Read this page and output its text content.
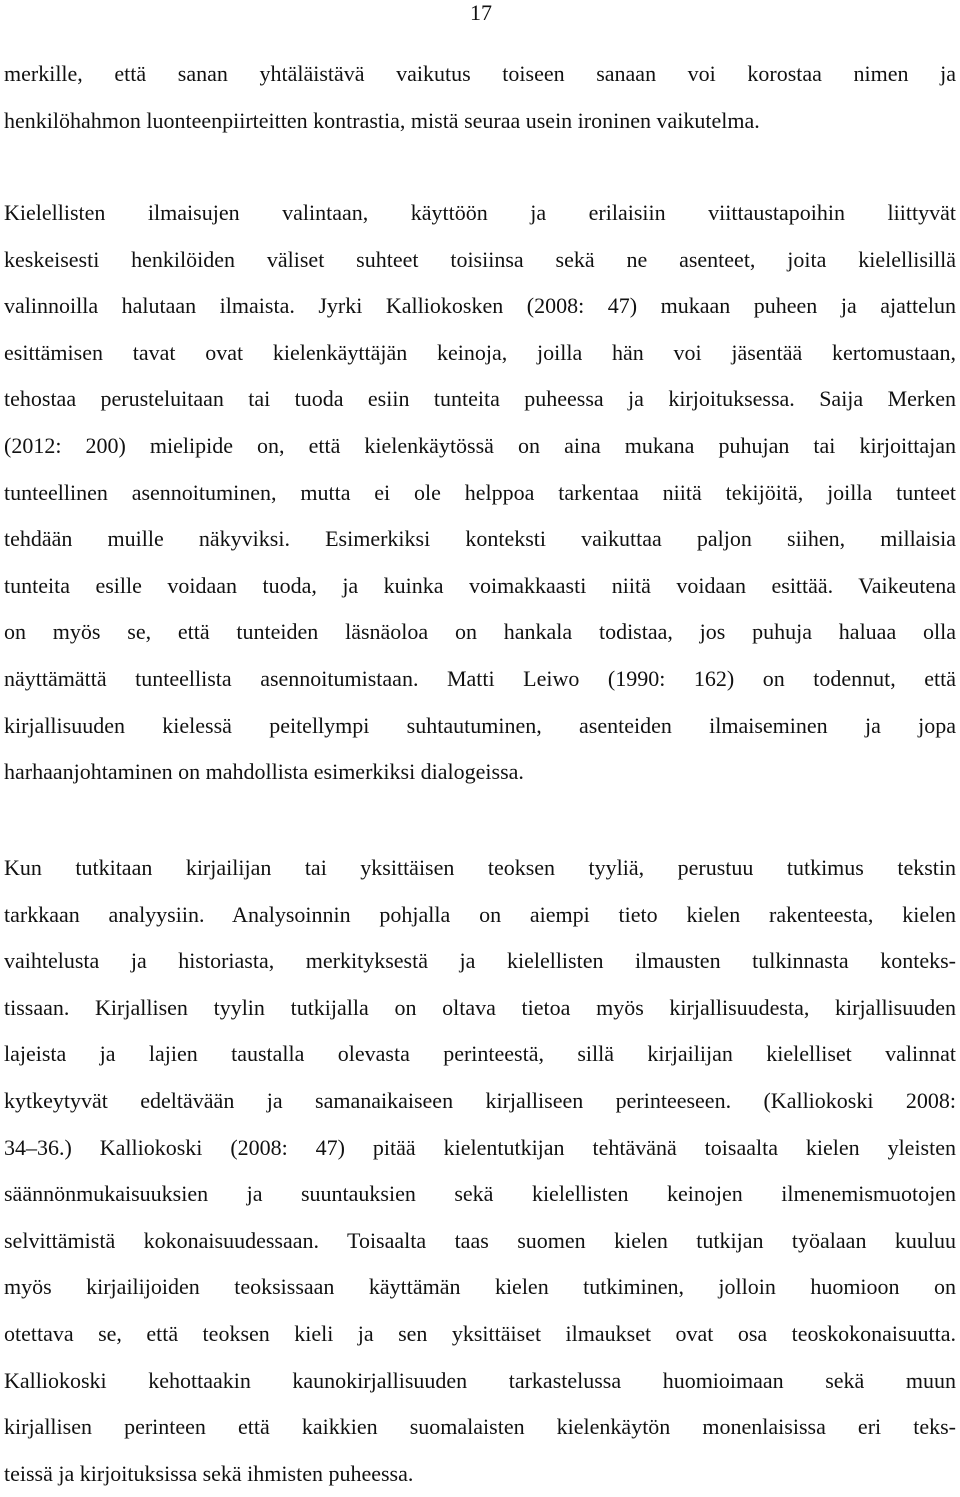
17
merkille, että sanan yhtäläistävä vaikutus toiseen sanaan voi korostaa nimen ja
henkilöhahmon luonteenpiirteitten kontrastia, mistä seuraa usein ironinen vaikutelma.
Kielellisten ilmaisujen valintaan, käyttöön ja erilaisiin viittaustapoihin liittyvät
keskeisesti henkilöiden väliset suhteet toisiinsa sekä ne asenteet, joita kielellisillä
valinnoilla halutaan ilmaista. Jyrki Kalliokosken (2008: 47) mukaan puheen ja ajattelun
esittämisen tavat ovat kielenkäyttäjän keinoja, joilla hän voi jäsentää kertomustaan,
tehostaa perusteluitaan tai tuoda esiin tunteita puheessa ja kirjoituksessa. Saija Merken
(2012: 200) mielipide on, että kielenkäytössä on aina mukana puhujan tai kirjoittajan
tunteellinen asennoituminen, mutta ei ole helppoa tarkentaa niitä tekijöitä, joilla tunteet
tehdään muille näkyviksi. Esimerkiksi konteksti vaikuttaa paljon siihen, millaisia
tunteita esille voidaan tuoda, ja kuinka voimakkaasti niitä voidaan esittää. Vaikeutena
on myös se, että tunteiden läsnäoloa on hankala todistaa, jos puhuja haluaa olla
näyttämättä tunteellista asennoitumistaan. Matti Leiwo (1990: 162) on todennut, että
kirjallisuuden kielessä peitellympi suhtautuminen, asenteiden ilmaiseminen ja jopa
harhaanjohtaminen on mahdollista esimerkiksi dialogeissa.
Kun tutkitaan kirjailijan tai yksittäisen teoksen tyyliä, perustuu tutkimus tekstin
tarkkaan analyysiin. Analysoinnin pohjalla on aiempi tieto kielen rakenteesta, kielen
vaihtelusta ja historiasta, merkityksestä ja kielellisten ilmausten tulkinnasta konteks-
tissaan. Kirjallisen tyylin tutkijalla on oltava tietoa myös kirjallisuudesta, kirjallisuuden
lajeista ja lajien taustalla olevasta perinteestä, sillä kirjailijan kielelliset valinnat
kytkeytyvät edeltävään ja samanaikaiseen kirjalliseen perinteeseen. (Kalliokoski 2008:
34–36.) Kalliokoski (2008: 47) pitää kielentutkijan tehtävänä toisaalta kielen yleisten
säännönmukaisuuksien ja suuntauksien sekä kielellisten keinojen ilmenemismuotojen
selvittämistä kokonaisuudessaan. Toisaalta taas suomen kielen tutkijan työalaan kuuluu
myös kirjailijoiden teoksissaan käyttämän kielen tutkiminen, jolloin huomioon on
otettava se, että teoksen kieli ja sen yksittäiset ilmaukset ovat osa teoskokonaisuutta.
Kalliokoski kehottaakin kaunokirjallisuuden tarkastelussa huomioimaan sekä muun
kirjallisen perinteen että kaikkien suomalaisten kielenkäytön monenlaisissa eri teks-
teissä ja kirjoituksissa sekä ihmisten puheessa.
